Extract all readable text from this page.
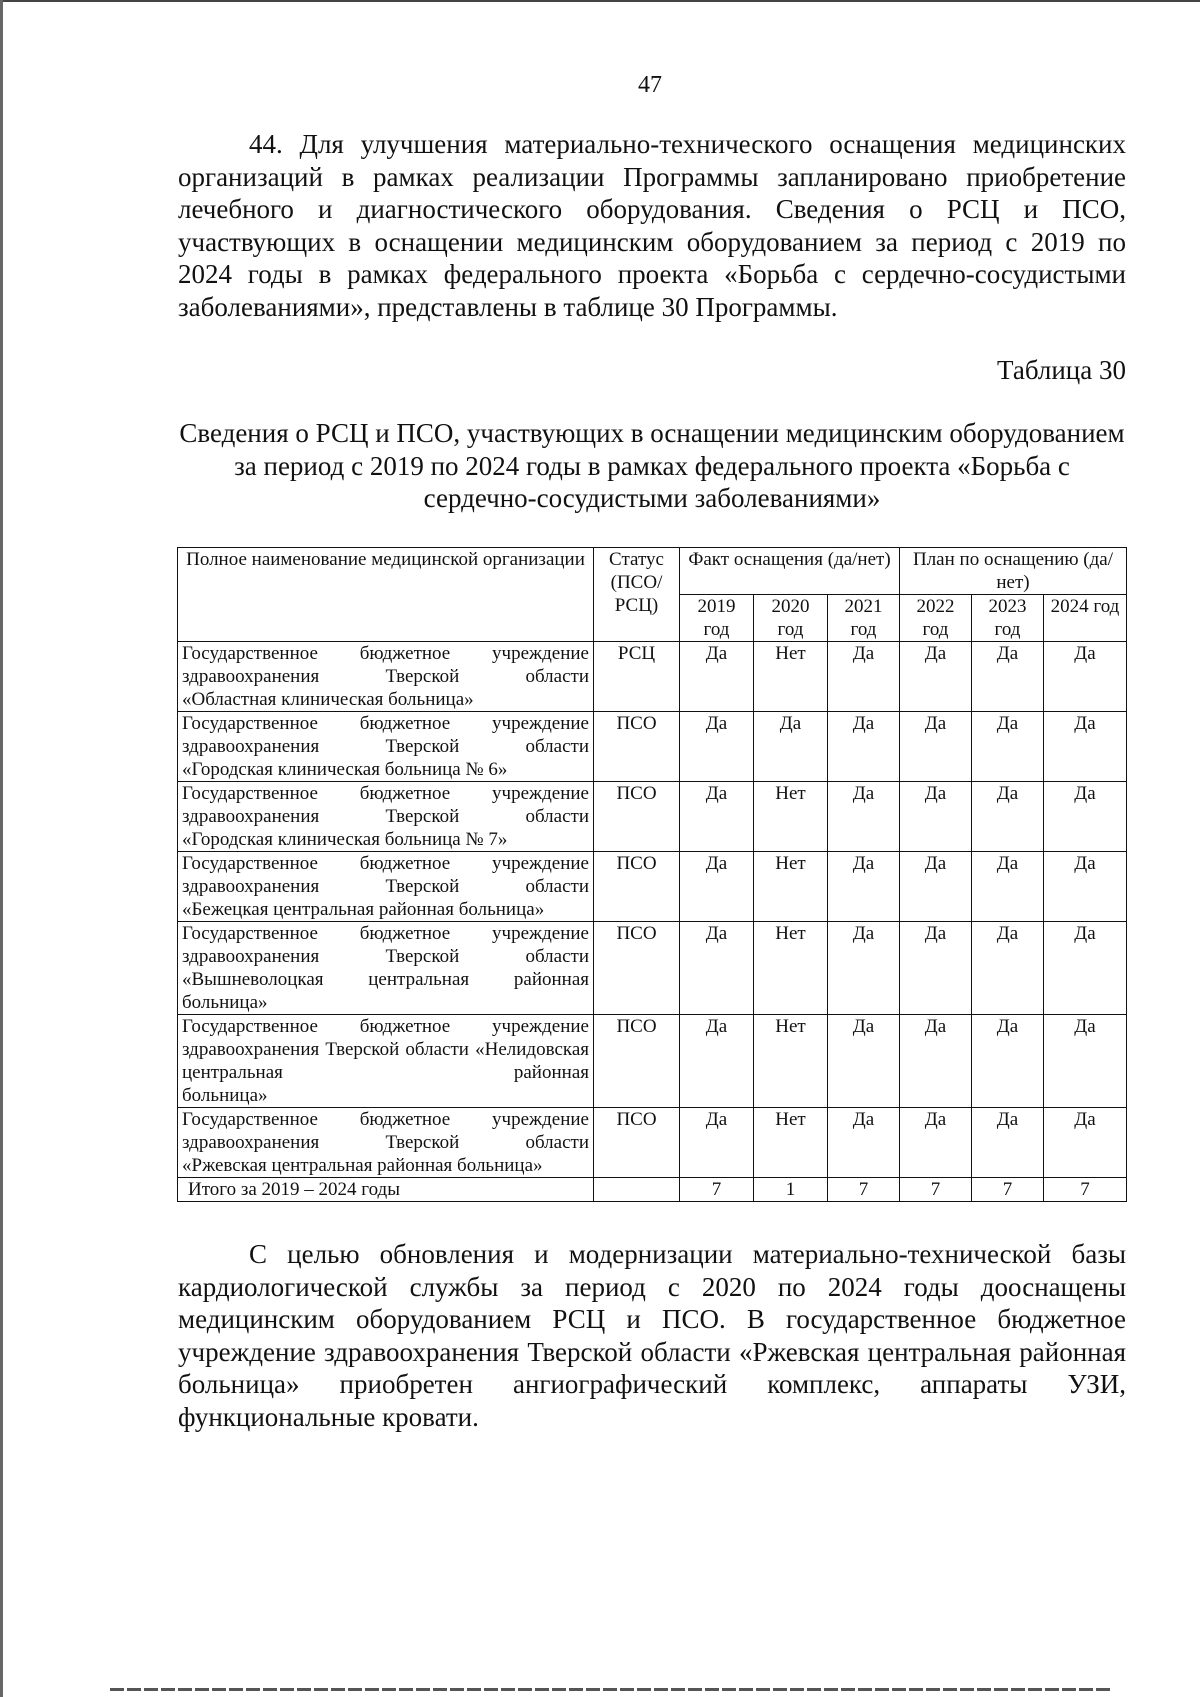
47

44. Для улучшения материально-технического оснащения медицинских организаций в рамках реализации Программы запланировано приобретение лечебного и диагностического оборудования. Сведения о РСЦ и ПСО, участвующих в оснащении медицинским оборудованием за период с 2019 по 2024 годы в рамках федерального проекта «Борьба с сердечно-сосудистыми заболеваниями», представлены в таблице 30 Программы.

Таблица 30

Сведения о РСЦ и ПСО, участвующих в оснащении медицинским оборудованием за период с 2019 по 2024 годы в рамках федерального проекта «Борьба с сердечно-сосудистыми заболеваниями»

Полное наименование медицинской организации	Статус (ПСО/ РСЦ)	Факт оснащения (да/нет)			План по оснащению (да/нет)		
		2019 год	2020 год	2021 год	2022 год	2023 год	2024 год
Государственное бюджетное учреждение здравоохранения Тверской области
«Областная клиническая больница»	РСЦ	Да	Нет	Да	Да	Да	Да
Государственное бюджетное учреждение здравоохранения Тверской области
«Городская клиническая больница № 6»	ПСО	Да	Да	Да	Да	Да	Да
Государственное бюджетное учреждение здравоохранения Тверской области
«Городская клиническая больница № 7»	ПСО	Да	Нет	Да	Да	Да	Да
Государственное бюджетное учреждение здравоохранения Тверской области
«Бежецкая центральная районная больница»	ПСО	Да	Нет	Да	Да	Да	Да
Государственное бюджетное учреждение здравоохранения Тверской области «Вышневолоцкая центральная районная
больница»	ПСО	Да	Нет	Да	Да	Да	Да
Государственное бюджетное учреждение здравоохранения Тверской области «Нелидовская центральная районная
больница»	ПСО	Да	Нет	Да	Да	Да	Да
Государственное бюджетное учреждение здравоохранения Тверской области
«Ржевская центральная районная больница»	ПСО	Да	Нет	Да	Да	Да	Да
Итого за 2019 – 2024 годы		7	1	7	7	7	7

С целью обновления и модернизации материально-технической базы кардиологической службы за период с 2020 по 2024 годы дооснащены медицинским оборудованием РСЦ и ПСО. В государственное бюджетное учреждение здравоохранения Тверской области «Ржевская центральная районная больница» приобретен ангиографический комплекс, аппараты УЗИ, функциональные кровати.
